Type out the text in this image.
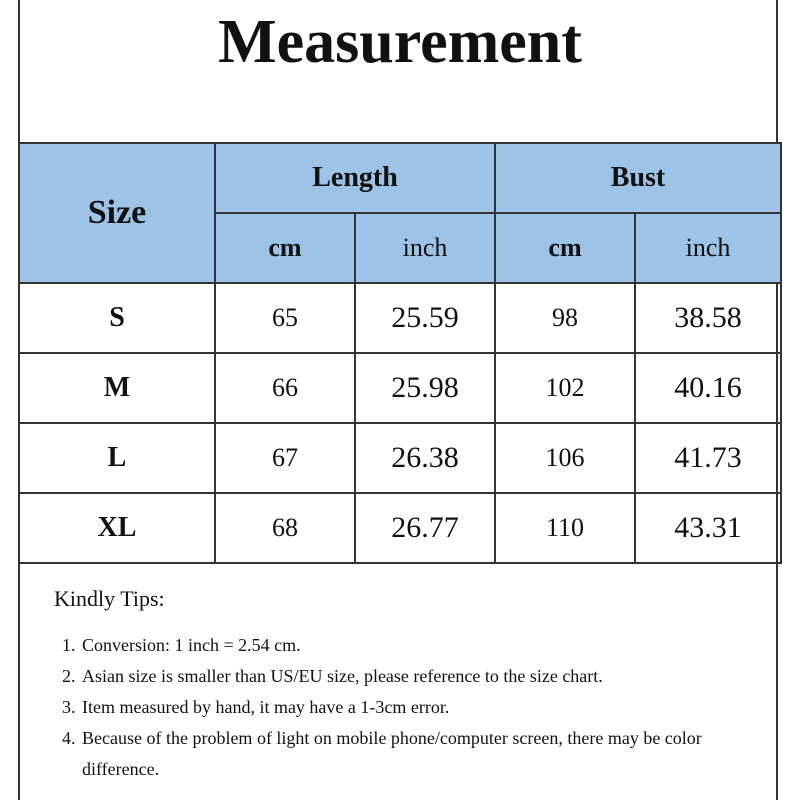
Measurement
Size	Length		Bust	
	cm	inch	cm	inch
S	65	25.59	98	38.58
M	66	25.98	102	40.16
L	67	26.38	106	41.73
XL	68	26.77	110	43.31
Kindly Tips:
1. Conversion: 1 inch = 2.54 cm.
2. Asian size is smaller than US/EU size, please reference to the size chart.
3. Item measured by hand, it may have a 1-3cm error.
4. Because of the problem of light on mobile phone/computer screen, there may be color difference.
